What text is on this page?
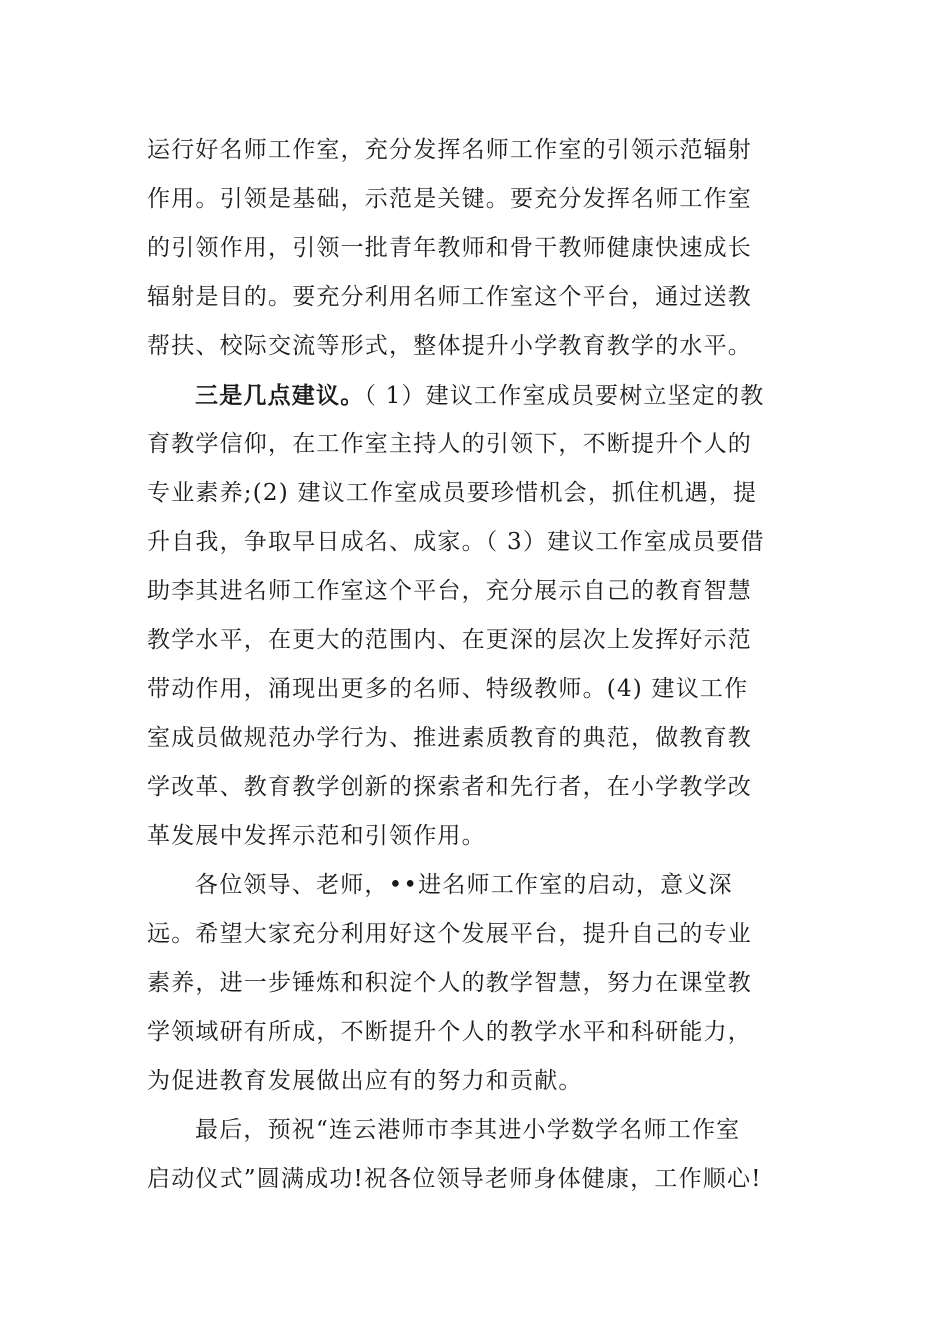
运行好名师工作室，充分发挥名师工作室的引领示范辐射
作用。引领是基础，示范是关键。要充分发挥名师工作室
的引领作用，引领一批青年教师和骨干教师健康快速成长
辐射是目的。要充分利用名师工作室这个平台，通过送教
帮扶、校际交流等形式，整体提升小学教育教学的水平。
三是几点建议。（ 1）建议工作室成员要树立坚定的教
育教学信仰，在工作室主持人的引领下，不断提升个人的
专业素养;(2) 建议工作室成员要珍惜机会，抓住机遇，提
升自我，争取早日成名、成家。（ 3）建议工作室成员要借
助李其进名师工作室这个平台，充分展示自己的教育智慧
教学水平，在更大的范围内、在更深的层次上发挥好示范
带动作用，涌现出更多的名师、特级教师。(4) 建议工作
室成员做规范办学行为、推进素质教育的典范，做教育教
学改革、教育教学创新的探索者和先行者，在小学教学改
革发展中发挥示范和引领作用。
各位领导、老师，••进名师工作室的启动，意义深
远。希望大家充分利用好这个发展平台，提升自己的专业
素养，进一步锤炼和积淀个人的教学智慧，努力在课堂教
学领域研有所成，不断提升个人的教学水平和科研能力，
为促进教育发展做出应有的努力和贡献。
最后，预祝“连云港师市李其进小学数学名师工作室
启动仪式”圆满成功!祝各位领导老师身体健康，工作顺心!
